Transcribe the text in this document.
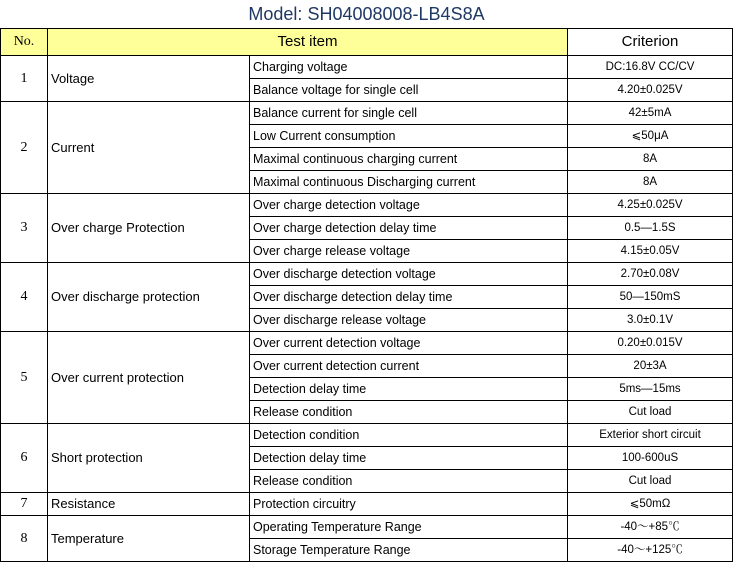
Model: SH04008008-LB4S8A
No.	Test item		Criterion
1	Voltage	Charging voltage	DC:16.8V CC/CV
		Balance voltage for single cell	4.20±0.025V
2	Current	Balance current for single cell	42±5mA
		Low Current consumption	⩽50μA
		Maximal continuous charging current	8A
		Maximal continuous Discharging current	8A
3	Over charge Protection	Over charge detection voltage	4.25±0.025V
		Over charge detection delay time	0.5—1.5S
		Over charge release voltage	4.15±0.05V
4	Over discharge protection	Over discharge detection voltage	2.70±0.08V
		Over discharge detection delay time	50—150mS
		Over discharge release voltage	3.0±0.1V
5	Over current protection	Over current detection voltage	0.20±0.015V
		Over current detection current	20±3A
		Detection delay time	5ms—15ms
		Release condition	Cut load
6	Short protection	Detection condition	Exterior short circuit
		Detection delay time	100-600uS
		Release condition	Cut load
7	Resistance	Protection circuitry	⩽50mΩ
8	Temperature	Operating Temperature Range	-40～+85℃
		Storage Temperature Range	-40～+125℃
